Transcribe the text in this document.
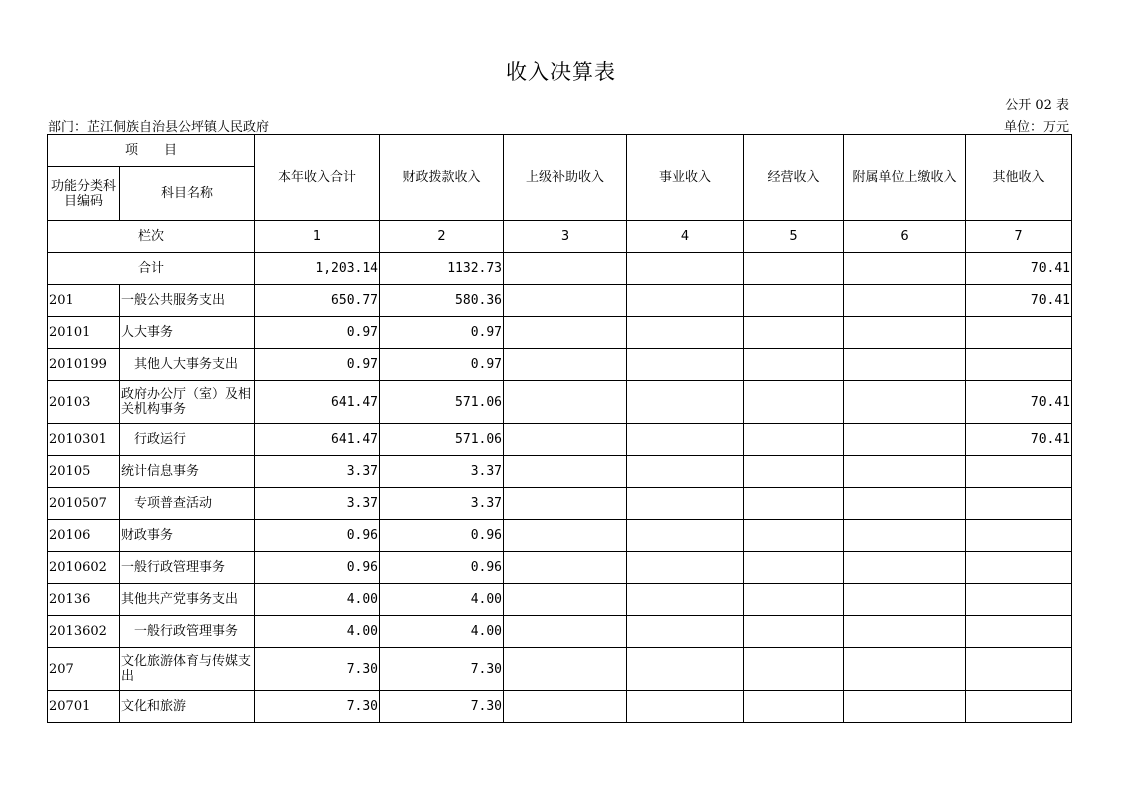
收入决算表
公开 02 表
部门：芷江侗族自治县公坪镇人民政府	单位：万元
项　　目		本年收入合计	财政拨款收入	上级补助收入	事业收入	经营收入	附属单位上缴收入	其他收入
功能分类科目编码	科目名称							
栏次		1	2	3	4	5	6	7
合计		1,203.14	1132.73					70.41
201	一般公共服务支出	650.77	580.36					70.41
20101	人大事务	0.97	0.97					
2010199	其他人大事务支出	0.97	0.97					
20103	政府办公厅（室）及相关机构事务	641.47	571.06					70.41
2010301	行政运行	641.47	571.06					70.41
20105	统计信息事务	3.37	3.37					
2010507	专项普查活动	3.37	3.37					
20106	财政事务	0.96	0.96					
2010602	一般行政管理事务	0.96	0.96					
20136	其他共产党事务支出	4.00	4.00					
2013602	一般行政管理事务	4.00	4.00					
207	文化旅游体育与传媒支出	7.30	7.30					
20701	文化和旅游	7.30	7.30					
